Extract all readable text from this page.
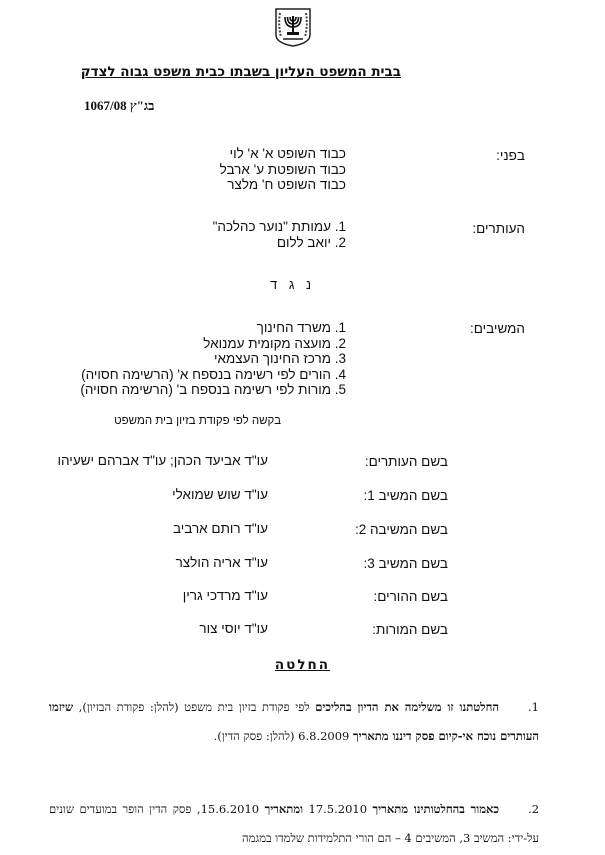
בבית המשפט העליון בשבתו כבית משפט גבוה לצדק
בג"ץ 1067/08
בפני:
כבוד השופט א' א' לוי
כבוד השופטת ע' ארבל
כבוד השופט ח' מלצר
העותרים:
1. עמותת "נוער כהלכה"
2. יואב ללום
נ ג ד
המשיבים:
1. משרד החינוך
2. מועצה מקומית עמנואל
3. מרכז החינוך העצמאי
4. הורים לפי רשימה בנספח א' (הרשימה חסויה)
5. מורות לפי רשימה בנספח ב' (הרשימה חסויה)
בקשה לפי פקודת בזיון בית המשפט
בשם העותרים:
עו"ד אביעד הכהן; עו"ד אברהם ישעיהו
בשם המשיב 1:
עו"ד שוש שמואלי
בשם המשיבה 2:
עו"ד רותם ארביב
בשם המשיב 3:
עו"ד אריה הולצר
בשם ההורים:
עו"ד מרדכי גרין
בשם המורות:
עו"ד יוסי צור
החלטה
1.החלטתנו זו משלימה את הדיון בהליכים לפי פקודת בזיון בית משפט (להלן: פקודת הבזיון), שיזמו העותרים נוכח אי-קיום פסק דיננו מתאריך 6.8.2009 (להלן: פסק הדין).
2.כאמור בהחלטותינו מתאריך 17.5.2010 ומתאריך 15.6.2010, פסק הדין הופר במועדים שונים על-ידי: המשיב 3, המשיבים 4 – הם הורי התלמידות שלמדו במגמה
